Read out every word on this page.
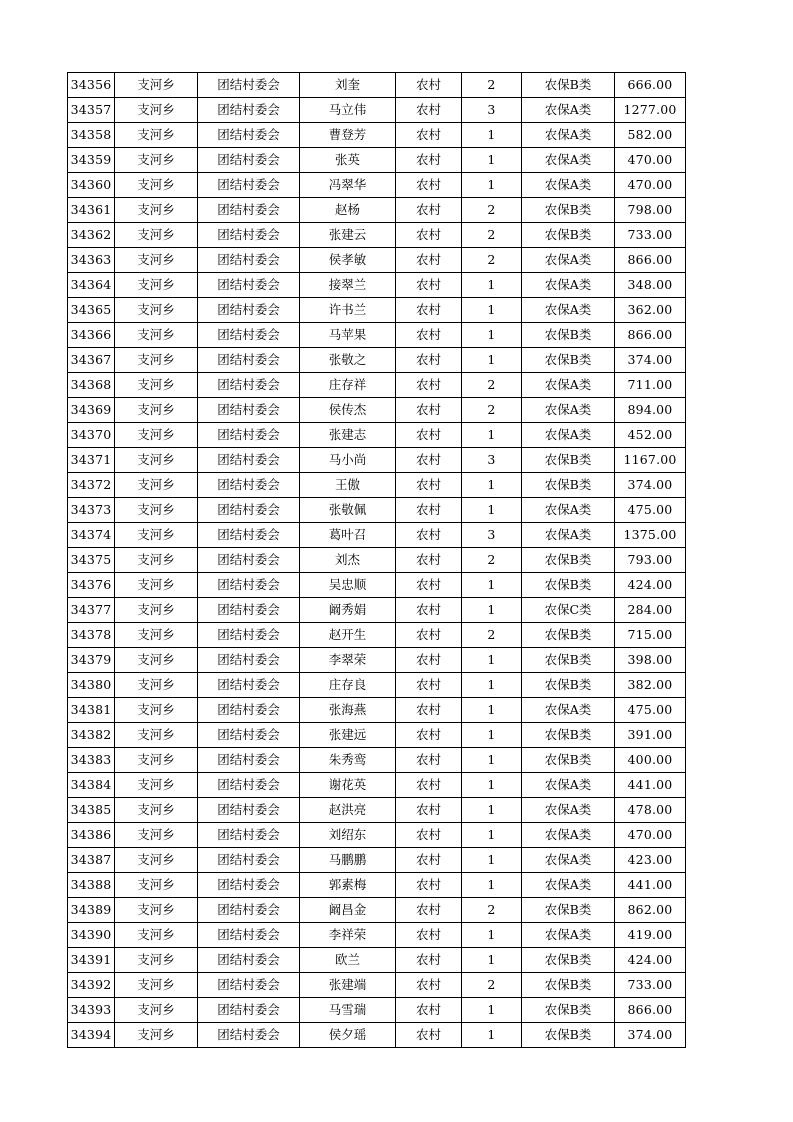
34356	支河乡	团结村委会	刘奎	农村	2	农保B类	666.00
34357	支河乡	团结村委会	马立伟	农村	3	农保A类	1277.00
34358	支河乡	团结村委会	曹登芳	农村	1	农保A类	582.00
34359	支河乡	团结村委会	张英	农村	1	农保A类	470.00
34360	支河乡	团结村委会	冯翠华	农村	1	农保A类	470.00
34361	支河乡	团结村委会	赵杨	农村	2	农保B类	798.00
34362	支河乡	团结村委会	张建云	农村	2	农保B类	733.00
34363	支河乡	团结村委会	侯孝敏	农村	2	农保A类	866.00
34364	支河乡	团结村委会	接翠兰	农村	1	农保A类	348.00
34365	支河乡	团结村委会	许书兰	农村	1	农保A类	362.00
34366	支河乡	团结村委会	马苹果	农村	1	农保B类	866.00
34367	支河乡	团结村委会	张敬之	农村	1	农保B类	374.00
34368	支河乡	团结村委会	庄存祥	农村	2	农保A类	711.00
34369	支河乡	团结村委会	侯传杰	农村	2	农保A类	894.00
34370	支河乡	团结村委会	张建志	农村	1	农保A类	452.00
34371	支河乡	团结村委会	马小尚	农村	3	农保B类	1167.00
34372	支河乡	团结村委会	王傲	农村	1	农保B类	374.00
34373	支河乡	团结村委会	张敬佩	农村	1	农保A类	475.00
34374	支河乡	团结村委会	葛叶召	农村	3	农保A类	1375.00
34375	支河乡	团结村委会	刘杰	农村	2	农保B类	793.00
34376	支河乡	团结村委会	吴忠顺	农村	1	农保B类	424.00
34377	支河乡	团结村委会	阚秀娟	农村	1	农保C类	284.00
34378	支河乡	团结村委会	赵开生	农村	2	农保B类	715.00
34379	支河乡	团结村委会	李翠荣	农村	1	农保B类	398.00
34380	支河乡	团结村委会	庄存良	农村	1	农保B类	382.00
34381	支河乡	团结村委会	张海燕	农村	1	农保A类	475.00
34382	支河乡	团结村委会	张建远	农村	1	农保B类	391.00
34383	支河乡	团结村委会	朱秀鸾	农村	1	农保B类	400.00
34384	支河乡	团结村委会	谢花英	农村	1	农保A类	441.00
34385	支河乡	团结村委会	赵洪亮	农村	1	农保A类	478.00
34386	支河乡	团结村委会	刘绍东	农村	1	农保A类	470.00
34387	支河乡	团结村委会	马鹏鹏	农村	1	农保A类	423.00
34388	支河乡	团结村委会	郭素梅	农村	1	农保A类	441.00
34389	支河乡	团结村委会	阚昌金	农村	2	农保B类	862.00
34390	支河乡	团结村委会	李祥荣	农村	1	农保A类	419.00
34391	支河乡	团结村委会	欧兰	农村	1	农保B类	424.00
34392	支河乡	团结村委会	张建端	农村	2	农保B类	733.00
34393	支河乡	团结村委会	马雪瑞	农村	1	农保B类	866.00
34394	支河乡	团结村委会	侯夕瑶	农村	1	农保B类	374.00
